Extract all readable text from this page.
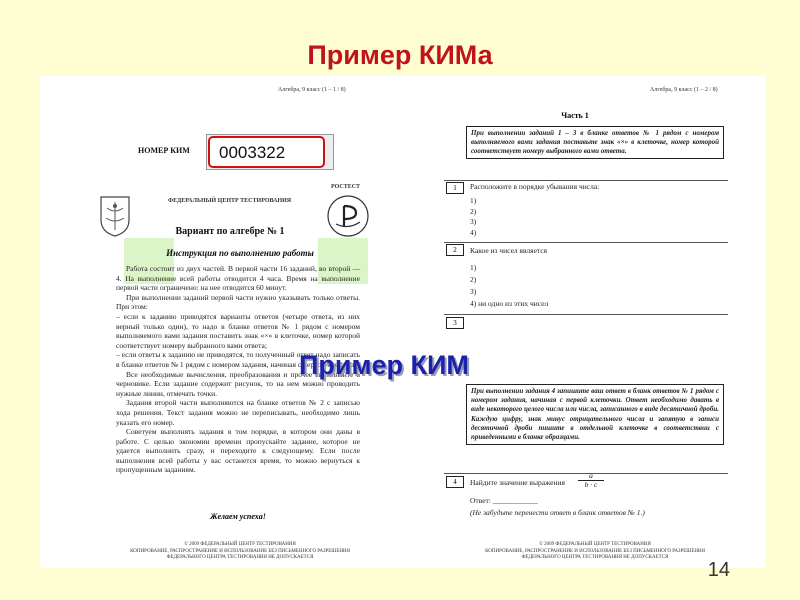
Пример КИМа
Алгебра, 9 класс (1 – 1 / 8)
НОМЕР КИМ	0003322
ФЕДЕРАЛЬНЫЙ ЦЕНТР ТЕСТИРОВАНИЯ
РОСТЕСТ
Вариант по алгебре № 1
Инструкция по выполнению работы
Работа состоит из двух частей. В первой части 16 заданий, во второй — 4. На выполнение всей работы отводится 4 часа. Время на выполнение первой части ограничено: на нее отводится 60 минут.
При выполнении заданий первой части нужно указывать только ответы. При этом:
– если к заданию приводятся варианты ответов (четыре ответа, из них верный только один), то надо в бланке ответов № 1 рядом с номером выполняемого вами задания поставить знак «×» в клеточке, номер которой соответствует номеру выбранного вами ответа;
– если ответы к заданию не приводятся, то полученный ответ надо записать в бланке ответов № 1 рядом с номером задания, начиная с первой клеточки.
Все необходимые вычисления, преобразования и прочее выполняйте в черновике. Если задание содержит рисунок, то на нем можно проводить нужные линии, отмечать точки.
Задания второй части выполняются на бланке ответов № 2 с записью хода решения. Текст задания можно не переписывать, необходимо лишь указать его номер.
Советуем выполнять задания в том порядке, в котором они даны в работе. С целью экономии времени пропускайте задание, которое не удается выполнить сразу, и переходите к следующему. Если после выполнения всей работы у вас останется время, то можно вернуться к пропущенным заданиям.
Желаем успеха!
© 2009 ФЕДЕРАЛЬНЫЙ ЦЕНТР ТЕСТИРОВАНИЯ
КОПИРОВАНИЕ, РАСПРОСТРАНЕНИЕ И ИСПОЛЬЗОВАНИЕ БЕЗ ПИСЬМЕННОГО РАЗРЕШЕНИЯ
ФЕДЕРАЛЬНОГО ЦЕНТРА ТЕСТИРОВАНИЯ НЕ ДОПУСКАЕТСЯ
Алгебра, 9 класс (1 – 2 / 8)
Часть 1
При выполнении заданий 1 – 3 в бланке ответов № 1 рядом с номером выполняемого вами задания поставьте знак «×» в клеточке, номер которой соответствует номеру выбранного вами ответа.
1	Расположите в порядке убывания числа:
1)
2)
3)
4)
2	Какое из чисел является
1)
2)
3)
4) ни одно из этих чисел
3
При выполнении задания 4 запишите ваш ответ в бланк ответов № 1 рядом с номером задания, начиная с первой клеточки. Ответ необходимо давать в виде некоторого целого числа или числа, записанного в виде десятичной дроби. Каждую цифру, знак минус отрицательного числа и запятую в записи десятичной дроби пишите в отдельной клеточке в соответствии с приведенными в бланке образцами.
4	Найдите значение выражения $\frac{a}{b \cdot c}$
Ответ: ____________
(Не забудьте перенести ответ в бланк ответов № 1.)
© 2009 ФЕДЕРАЛЬНЫЙ ЦЕНТР ТЕСТИРОВАНИЯ
КОПИРОВАНИЕ, РАСПРОСТРАНЕНИЕ И ИСПОЛЬЗОВАНИЕ БЕЗ ПИСЬМЕННОГО РАЗРЕШЕНИЯ
ФЕДЕРАЛЬНОГО ЦЕНТРА ТЕСТИРОВАНИЯ НЕ ДОПУСКАЕТСЯ
Пример КИМ
14
